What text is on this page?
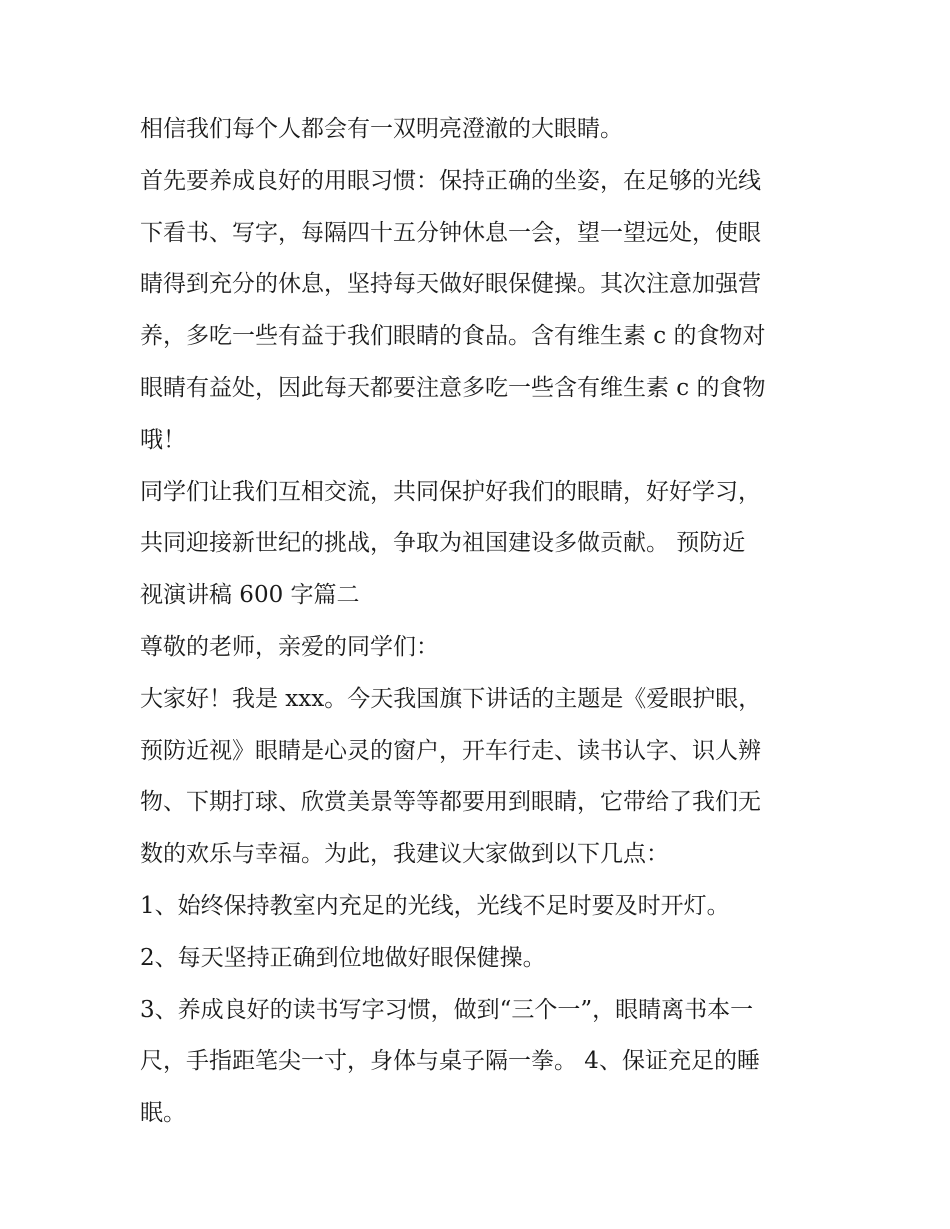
相信我们每个人都会有一双明亮澄澈的大眼睛。

首先要养成良好的用眼习惯：保持正确的坐姿，在足够的光线
下看书、写字，每隔四十五分钟休息一会，望一望远处，使眼
睛得到充分的休息，坚持每天做好眼保健操。其次注意加强营
养，多吃一些有益于我们眼睛的食品。含有维生素 c 的食物对
眼睛有益处，因此每天都要注意多吃一些含有维生素 c 的食物
哦！

同学们让我们互相交流，共同保护好我们的眼睛，好好学习，
共同迎接新世纪的挑战，争取为祖国建设多做贡献。 预防近
视演讲稿 600 字篇二

尊敬的老师，亲爱的同学们：

大家好！我是 xxx。今天我国旗下讲话的主题是《爱眼护眼，
预防近视》眼睛是心灵的窗户，开车行走、读书认字、识人辨
物、下期打球、欣赏美景等等都要用到眼睛，它带给了我们无
数的欢乐与幸福。为此，我建议大家做到以下几点：

1、始终保持教室内充足的光线，光线不足时要及时开灯。

2、每天坚持正确到位地做好眼保健操。

3、养成良好的读书写字习惯，做到“三个一”，眼睛离书本一
尺，手指距笔尖一寸，身体与桌子隔一拳。 4、保证充足的睡
眠。
